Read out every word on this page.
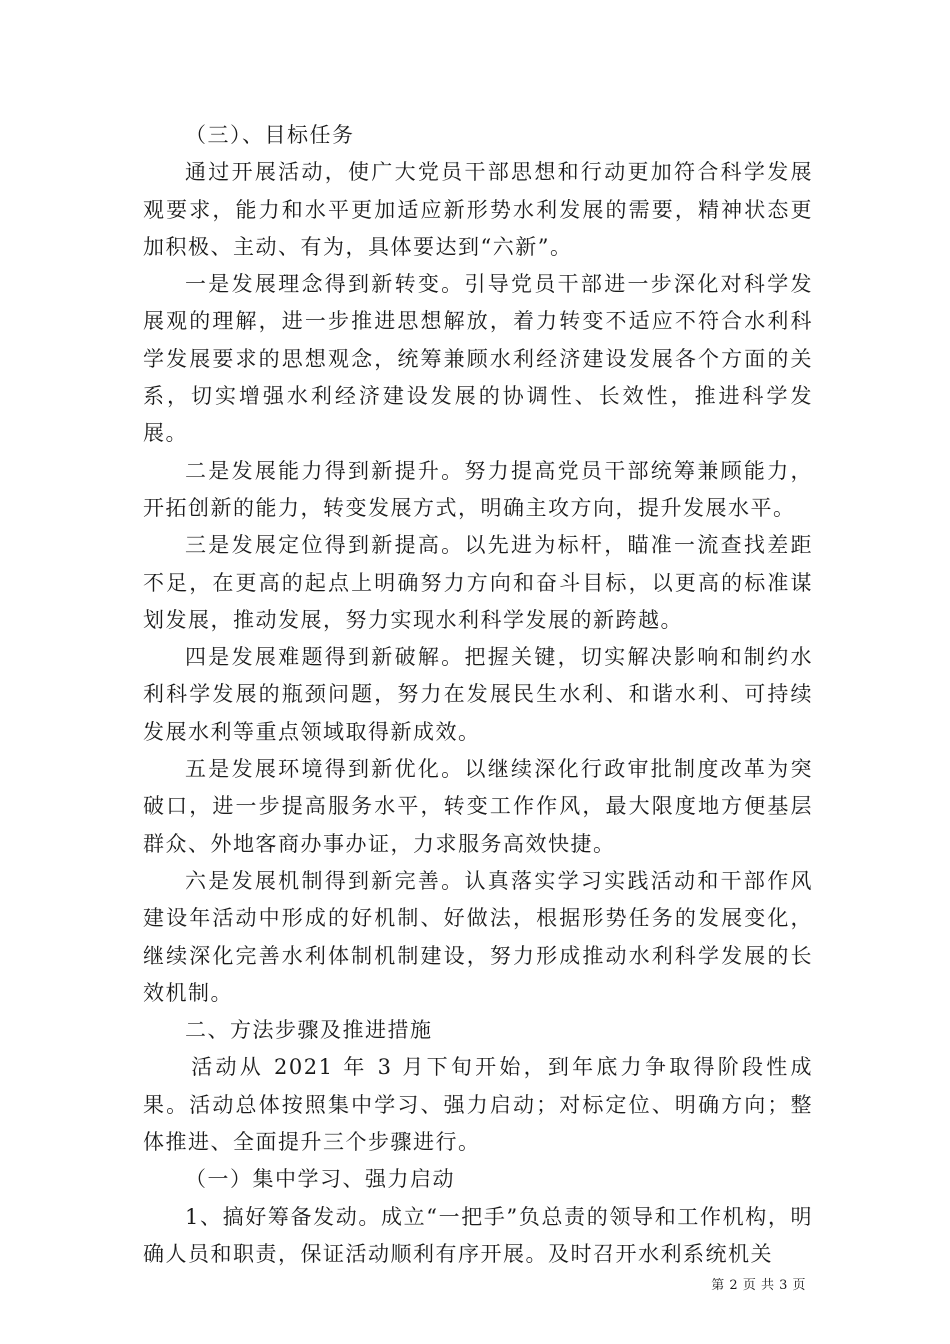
（三）、目标任务

通过开展活动，使广大党员干部思想和行动更加符合科学发展观要求，能力和水平更加适应新形势水利发展的需要，精神状态更加积极、主动、有为，具体要达到“六新”。

一是发展理念得到新转变。引导党员干部进一步深化对科学发展观的理解，进一步推进思想解放，着力转变不适应不符合水利科学发展要求的思想观念，统筹兼顾水利经济建设发展各个方面的关系，切实增强水利经济建设发展的协调性、长效性，推进科学发展。

二是发展能力得到新提升。努力提高党员干部统筹兼顾能力，开拓创新的能力，转变发展方式，明确主攻方向，提升发展水平。

三是发展定位得到新提高。以先进为标杆，瞄准一流查找差距不足，在更高的起点上明确努力方向和奋斗目标，以更高的标准谋划发展，推动发展，努力实现水利科学发展的新跨越。

四是发展难题得到新破解。把握关键，切实解决影响和制约水利科学发展的瓶颈问题，努力在发展民生水利、和谐水利、可持续发展水利等重点领域取得新成效。

五是发展环境得到新优化。以继续深化行政审批制度改革为突破口，进一步提高服务水平，转变工作作风，最大限度地方便基层群众、外地客商办事办证，力求服务高效快捷。

六是发展机制得到新完善。认真落实学习实践活动和干部作风建设年活动中形成的好机制、好做法，根据形势任务的发展变化，继续深化完善水利体制机制建设，努力形成推动水利科学发展的长效机制。

二、方法步骤及推进措施

活动从 2021 年 3 月下旬开始，到年底力争取得阶段性成果。活动总体按照集中学习、强力启动；对标定位、明确方向；整体推进、全面提升三个步骤进行。

（一）集中学习、强力启动

1、搞好筹备发动。成立“一把手”负总责的领导和工作机构，明确人员和职责，保证活动顺利有序开展。及时召开水利系统机关

第 2 页 共 3 页
